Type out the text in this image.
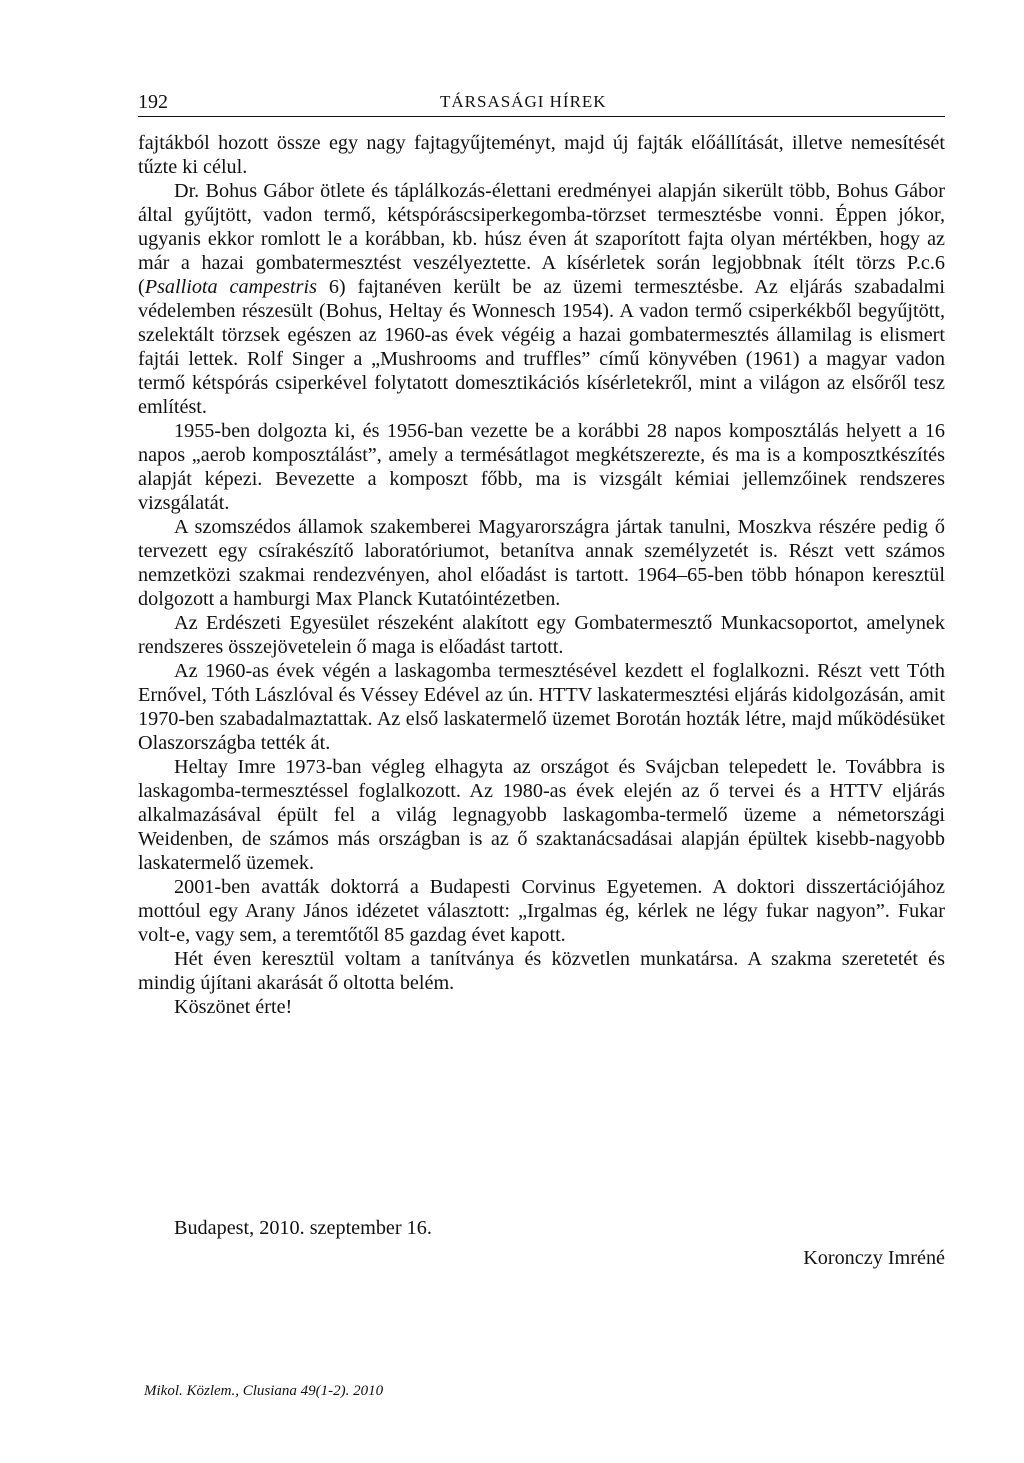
192	TÁRSASÁGI HÍREK

fajtákból hozott össze egy nagy fajtagyűjteményt, majd új fajták előállítását, illetve nemesítését tűzte ki célul.

Dr. Bohus Gábor ötlete és táplálkozás-élettani eredményei alapján sikerült több, Bohus Gábor által gyűjtött, vadon termő, kétspóráscsiperkegomba-törzset termesztésbe vonni. Éppen jókor, ugyanis ekkor romlott le a korábban, kb. húsz éven át szaporított fajta olyan mértékben, hogy az már a hazai gombatermesztést veszélyeztette. A kísérletek során legjobbnak ítélt törzs P.c.6 (Psalliota campestris 6) fajtanéven került be az üzemi termesztésbe. Az eljárás szabadalmi védelemben részesült (Bohus, Heltay és Wonnesch 1954). A vadon termő csiperkékből begyűjtött, szelektált törzsek egészen az 1960-as évek végéig a hazai gombatermesztés államilag is elismert fajtái lettek. Rolf Singer a „Mushrooms and truffles” című könyvében (1961) a magyar vadon termő kétspórás csiperkével folytatott domesztikációs kísérletekről, mint a világon az elsőről tesz említést.

1955-ben dolgozta ki, és 1956-ban vezette be a korábbi 28 napos komposztálás helyett a 16 napos „aerob komposztálást”, amely a termésátlagot megkétszerezte, és ma is a komposztkészítés alapját képezi. Bevezette a komposzt főbb, ma is vizsgált kémiai jellemzőinek rendszeres vizsgálatát.

A szomszédos államok szakemberei Magyarországra jártak tanulni, Moszkva részére pedig ő tervezett egy csírakészítő laboratóriumot, betanítva annak személyzetét is. Részt vett számos nemzetközi szakmai rendezvényen, ahol előadást is tartott. 1964–65-ben több hónapon keresztül dolgozott a hamburgi Max Planck Kutatóintézetben.

Az Erdészeti Egyesület részeként alakított egy Gombatermesztő Munkacsoportot, amelynek rendszeres összejövetelein ő maga is előadást tartott.

Az 1960-as évek végén a laskagomba termesztésével kezdett el foglalkozni. Részt vett Tóth Ernővel, Tóth Lászlóval és Véssey Edével az ún. HTTV laskatermesztési eljárás kidolgozásán, amit 1970-ben szabadalmaztattak. Az első laskatermelő üzemet Borotán hozták létre, majd működésüket Olaszországba tették át.

Heltay Imre 1973-ban végleg elhagyta az országot és Svájcban telepedett le. Továbbra is laskagomba-termesztéssel foglalkozott. Az 1980-as évek elején az ő tervei és a HTTV eljárás alkalmazásával épült fel a világ legnagyobb laskagomba-termelő üzeme a németországi Weidenben, de számos más országban is az ő szaktanácsadásai alapján épültek kisebb-nagyobb laskatermelő üzemek.

2001-ben avatták doktorrá a Budapesti Corvinus Egyetemen. A doktori disszertációjához mottóul egy Arany János idézetet választott: „Irgalmas ég, kérlek ne légy fukar nagyon”. Fukar volt-e, vagy sem, a teremtőtől 85 gazdag évet kapott.

Hét éven keresztül voltam a tanítványa és közvetlen munkatársa. A szakma szeretetét és mindig újítani akarását ő oltotta belém.

Köszönet érte!

Budapest, 2010. szeptember 16.
Koronczy Imréné
Mikol. Közlem., Clusiana 49(1-2). 2010
